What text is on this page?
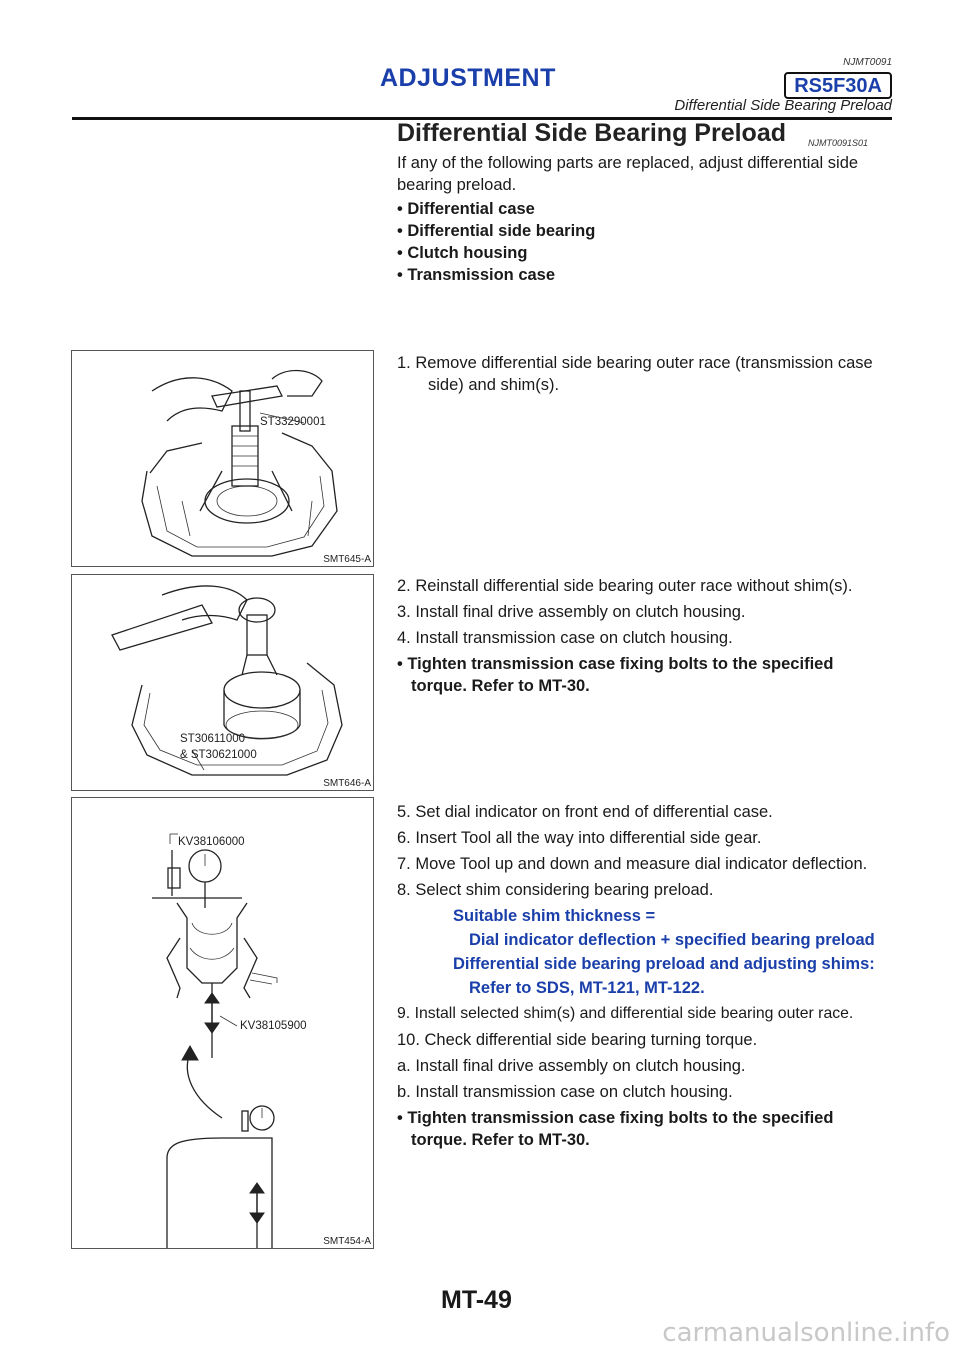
NJMT0091
ADJUSTMENT	RS5F30A
Differential Side Bearing Preload
Differential Side Bearing Preload NJMT0091S01
If any of the following parts are replaced, adjust differential side
bearing preload.
• Differential case
• Differential side bearing
• Clutch housing
• Transmission case
ST33290001
SMT645-A
1. Remove differential side bearing outer race (transmission case
side) and shim(s).
ST30611000
& ST30621000
SMT646-A
2. Reinstall differential side bearing outer race without shim(s).
3. Install final drive assembly on clutch housing.
4. Install transmission case on clutch housing.
• Tighten transmission case fixing bolts to the specified
torque. Refer to MT-30.
KV38106000
KV38105900
SMT454-A
5. Set dial indicator on front end of differential case.
6. Insert Tool all the way into differential side gear.
7. Move Tool up and down and measure dial indicator deflection.
8. Select shim considering bearing preload.
Suitable shim thickness =
Dial indicator deflection + specified bearing preload
Differential side bearing preload and adjusting shims:
Refer to SDS, MT-121, MT-122.
9. Install selected shim(s) and differential side bearing outer race.
10. Check differential side bearing turning torque.
a. Install final drive assembly on clutch housing.
b. Install transmission case on clutch housing.
• Tighten transmission case fixing bolts to the specified
torque. Refer to MT-30.
MT-49
carmanualsonline.info
